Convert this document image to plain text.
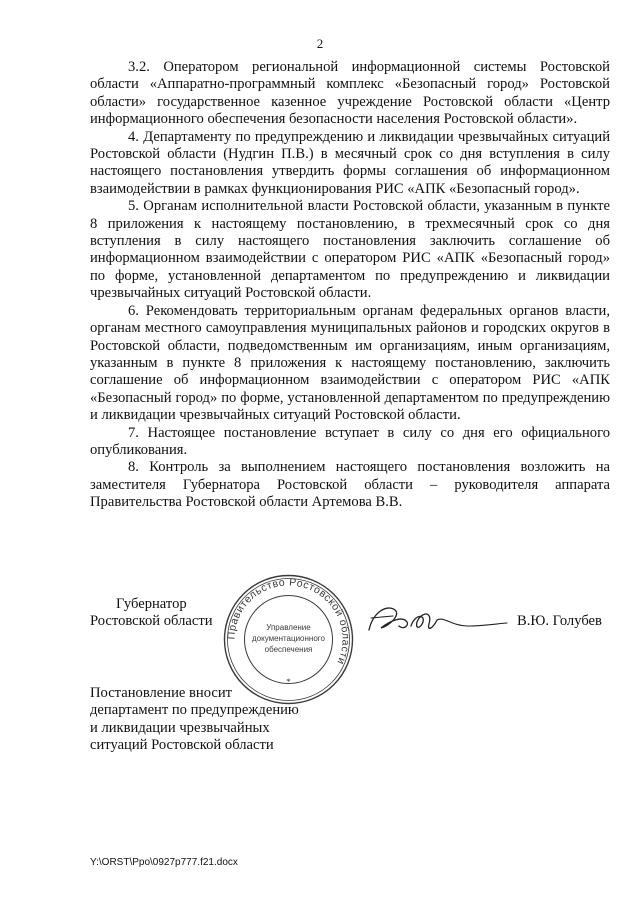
2

3.2. Оператором региональной информационной системы Ростовской области «Аппаратно-программный комплекс «Безопасный город» Ростовской области» государственное казенное учреждение Ростовской области «Центр информационного обеспечения безопасности населения Ростовской области».

4. Департаменту по предупреждению и ликвидации чрезвычайных ситуаций Ростовской области (Нудгин П.В.) в месячный срок со дня вступления в силу настоящего постановления утвердить формы соглашения об информационном взаимодействии в рамках функционирования РИС «АПК «Безопасный город».

5. Органам исполнительной власти Ростовской области, указанным в пункте 8 приложения к настоящему постановлению, в трехмесячный срок со дня вступления в силу настоящего постановления заключить соглашение об информационном взаимодействии с оператором РИС «АПК «Безопасный город» по форме, установленной департаментом по предупреждению и ликвидации чрезвычайных ситуаций Ростовской области.

6. Рекомендовать территориальным органам федеральных органов власти, органам местного самоуправления муниципальных районов и городских округов в Ростовской области, подведомственным им организациям, иным организациям, указанным в пункте 8 приложения к настоящему постановлению, заключить соглашение об информационном взаимодействии с оператором РИС «АПК «Безопасный город» по форме, установленной департаментом по предупреждению и ликвидации чрезвычайных ситуаций Ростовской области.

7. Настоящее постановление вступает в силу со дня его официального опубликования.

8. Контроль за выполнением настоящего постановления возложить на заместителя Губернатора Ростовской области – руководителя аппарата Правительства Ростовской области Артемова В.В.

Губернатор
Ростовской области
Правительство Ростовской области
*
Управление
документационного
обеспечения
В.Ю. Голубев
Постановление вносит
департамент по предупреждению
и ликвидации чрезвычайных
ситуаций Ростовской области
Y:\ORST\Ppo\0927p777.f21.docx
